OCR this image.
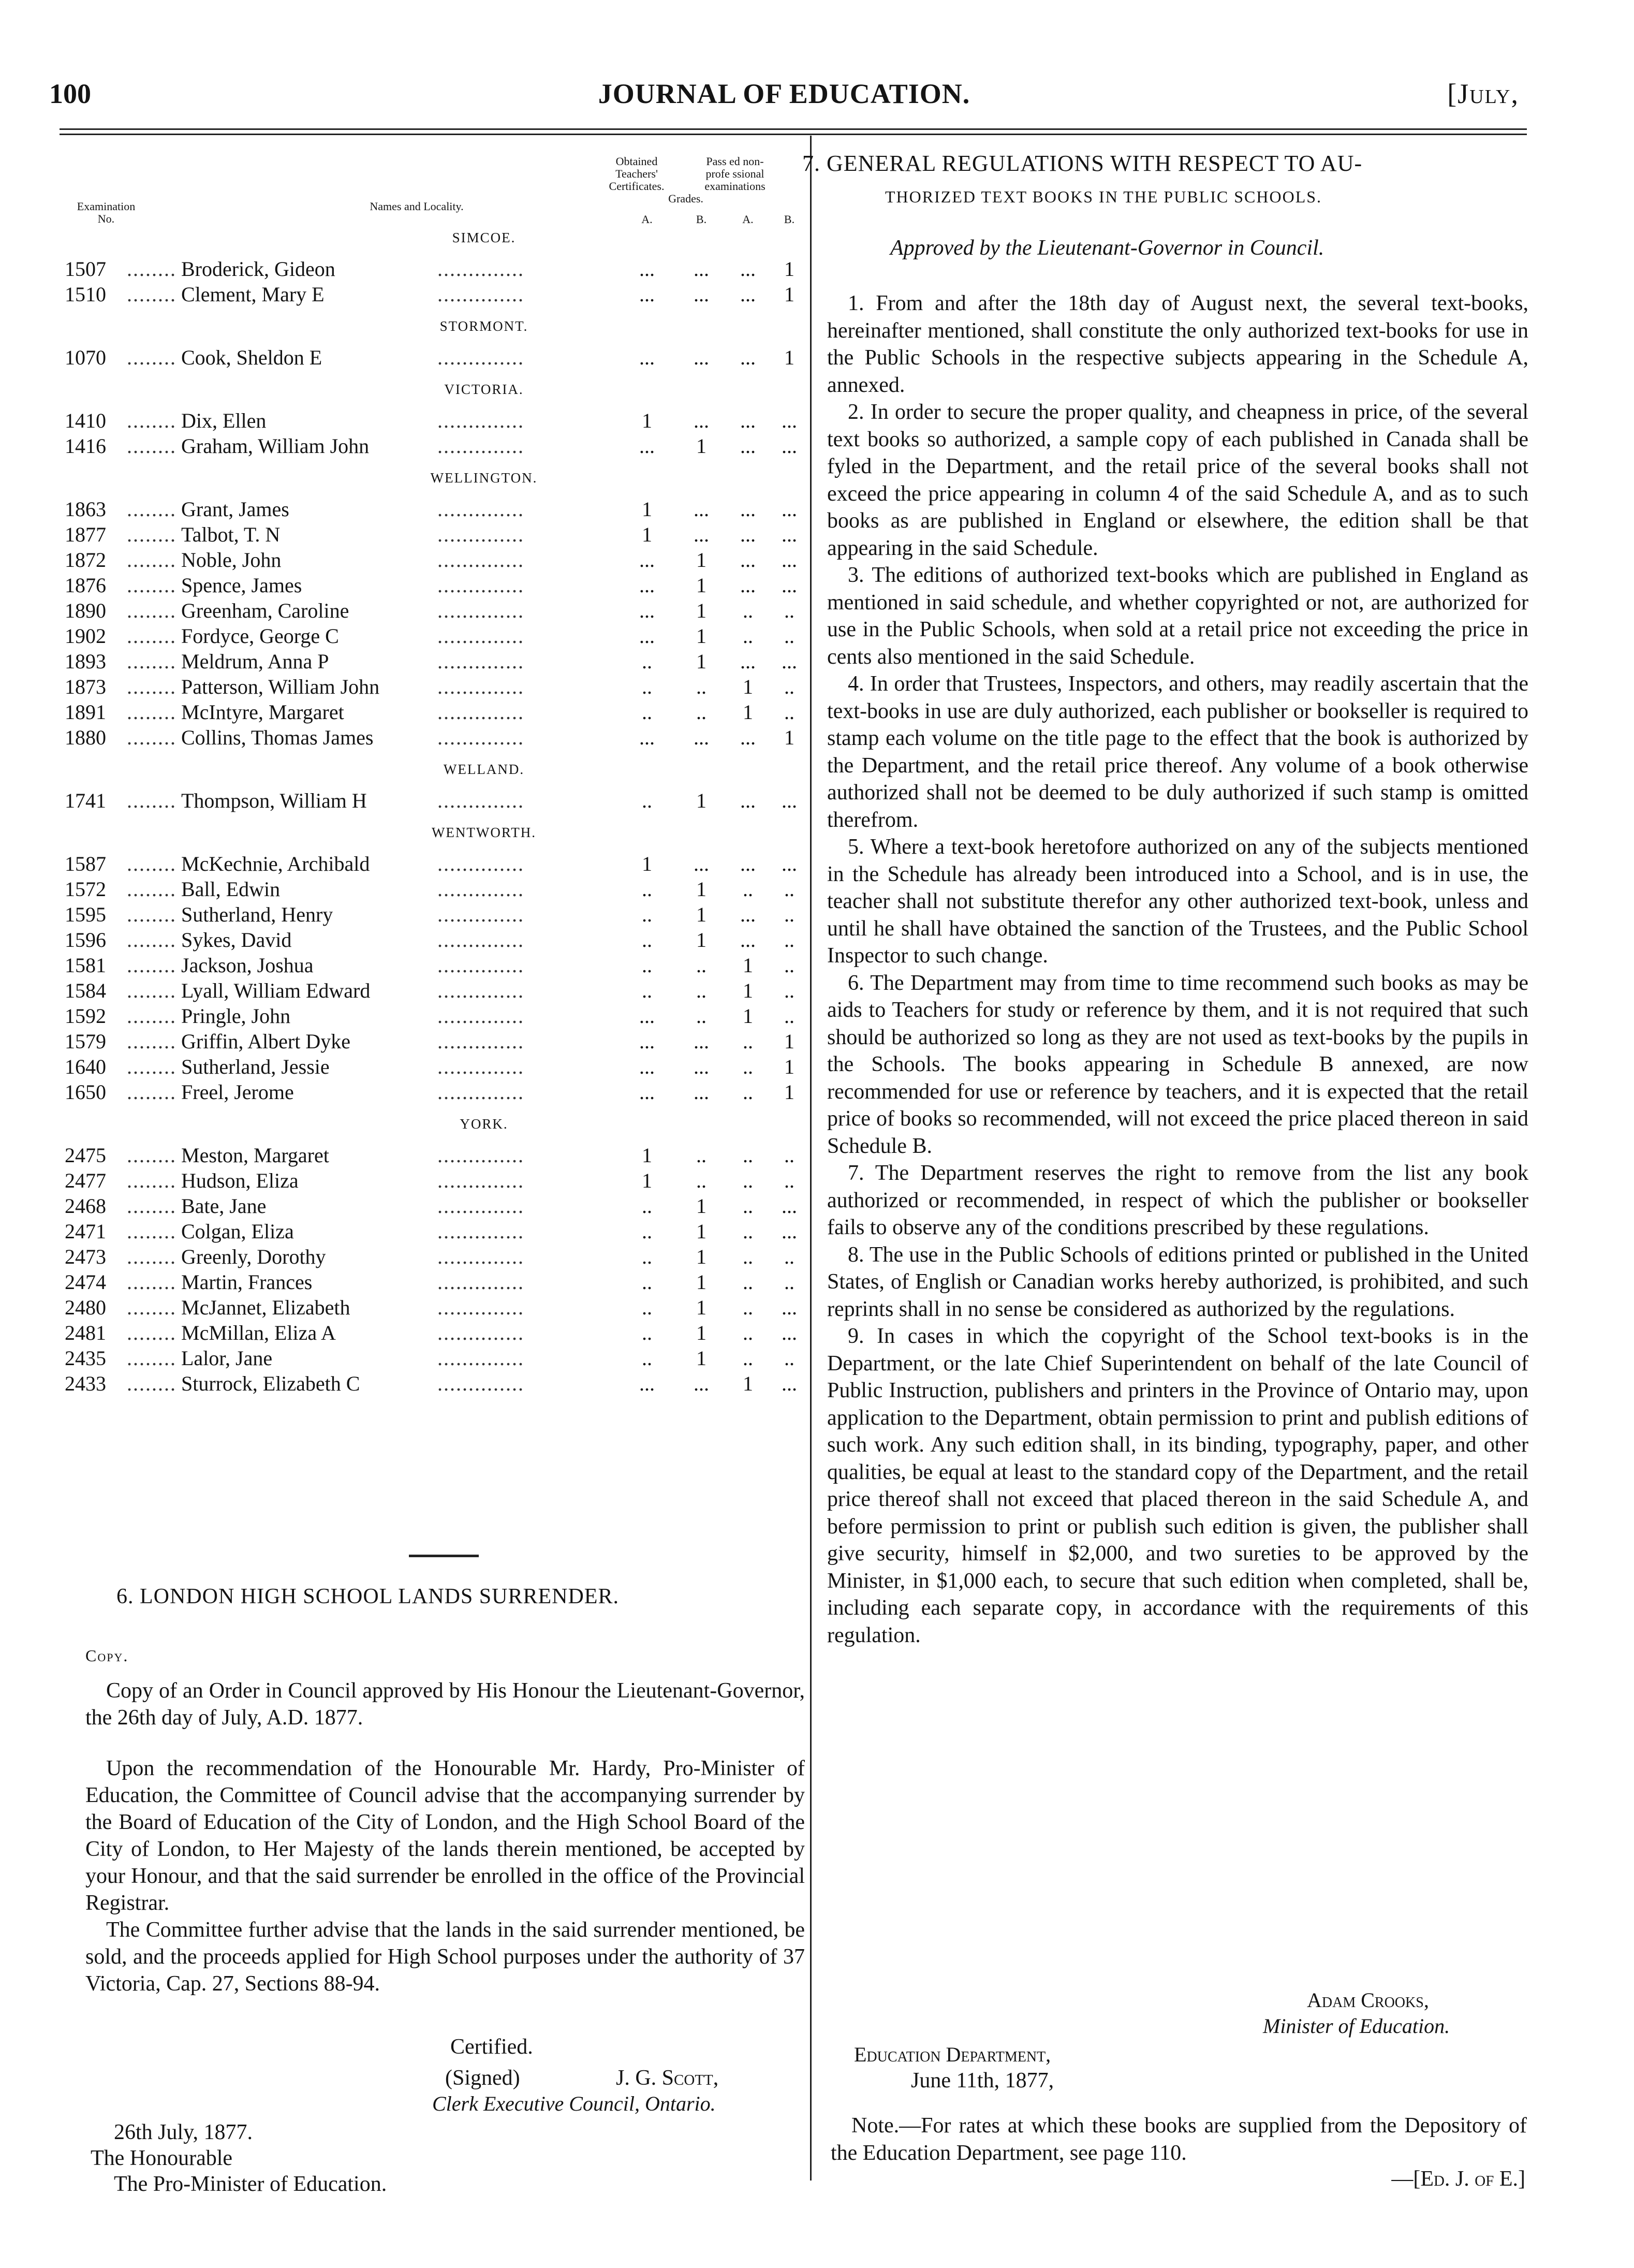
100	JOURNAL OF EDUCATION.	[July,
Examination
No.
Names and Locality.
Obtained
Teachers'
Certificates.
Pass ed non-
profe ssional
examinations
Grades.
A.	B.	A.	B.
SIMCOE.
1507 ........ Broderick, Gideon	..............	... ... ... 1
1510 ........ Clement, Mary E	..............	... ... ... 1
STORMONT.
1070 ........ Cook, Sheldon E	..............	... ... ... 1
VICTORIA.
1410 ........ Dix, Ellen	..............	1 ... ... ...
1416 ........ Graham, William John	..............	... 1 ... ...
WELLINGTON.
1863 ........ Grant, James	..............	1 ... ... ...
1877 ........ Talbot, T. N	..............	1 ... ... ...
1872 ........ Noble, John	..............	... 1 ... ...
1876 ........ Spence, James	..............	... 1 ... ...
1890 ........ Greenham, Caroline	..............	... 1 .. ..
1902 ........ Fordyce, George C	..............	... 1 .. ..
1893 ........ Meldrum, Anna P	..............	.. 1 ... ...
1873 ........ Patterson, William John	..............	.. .. 1 ..
1891 ........ McIntyre, Margaret	..............	.. .. 1 ..
1880 ........ Collins, Thomas James	..............	... ... ... 1
WELLAND.
1741 ........ Thompson, William H	..............	.. 1 ... ...
WENTWORTH.
1587 ........ McKechnie, Archibald	..............	1 ... ... ...
1572 ........ Ball, Edwin	..............	.. 1 .. ..
1595 ........ Sutherland, Henry	..............	.. 1 ... ..
1596 ........ Sykes, David	..............	.. 1 ... ..
1581 ........ Jackson, Joshua	..............	.. .. 1 ..
1584 ........ Lyall, William Edward	..............	.. .. 1 ..
1592 ........ Pringle, John	..............	... .. 1 ..
1579 ........ Griffin, Albert Dyke	..............	... ... .. 1
1640 ........ Sutherland, Jessie	..............	... ... .. 1
1650 ........ Freel, Jerome	..............	... ... .. 1
YORK.
2475 ........ Meston, Margaret	..............	1 .. .. ..
2477 ........ Hudson, Eliza	..............	1 .. .. ..
2468 ........ Bate, Jane	..............	.. 1 .. ...
2471 ........ Colgan, Eliza	..............	.. 1 .. ...
2473 ........ Greenly, Dorothy	..............	.. 1 .. ..
2474 ........ Martin, Frances	..............	.. 1 .. ..
2480 ........ McJannet, Elizabeth	..............	.. 1 .. ...
2481 ........ McMillan, Eliza A	..............	.. 1 .. ...
2435 ........ Lalor, Jane	..............	.. 1 .. ..
2433 ........ Sturrock, Elizabeth C	..............	... ... 1 ...
6. LONDON HIGH SCHOOL LANDS SURRENDER.
Copy.

Copy of an Order in Council approved by His Honour the Lieutenant-Governor, the 26th day of July, A.D. 1877.

Upon the recommendation of the Honourable Mr. Hardy, Pro-Minister of Education, the Committee of Council advise that the accompanying surrender by the Board of Education of the City of London, and the High School Board of the City of London, to Her Majesty of the lands therein mentioned, be accepted by your Honour, and that the said surrender be enrolled in the office of the Provincial Registrar.

The Committee further advise that the lands in the said surrender mentioned, be sold, and the proceeds applied for High School purposes under the authority of 37 Victoria, Cap. 27, Sections 88-94.

Certified.
(Signed)	J. G. Scott,
Clerk Executive Council, Ontario.
26th July, 1877.
The Honourable
The Pro-Minister of Education.
7. GENERAL REGULATIONS WITH RESPECT TO AU-
THORIZED TEXT BOOKS IN THE PUBLIC SCHOOLS.
Approved by the Lieutenant-Governor in Council.

1. From and after the 18th day of August next, the several text-books, hereinafter mentioned, shall constitute the only authorized text-books for use in the Public Schools in the respective subjects appearing in the Schedule A, annexed.

2. In order to secure the proper quality, and cheapness in price, of the several text books so authorized, a sample copy of each published in Canada shall be fyled in the Department, and the retail price of the several books shall not exceed the price appearing in column 4 of the said Schedule A, and as to such books as are published in England or elsewhere, the edition shall be that appearing in the said Schedule.

3. The editions of authorized text-books which are published in England as mentioned in said schedule, and whether copyrighted or not, are authorized for use in the Public Schools, when sold at a retail price not exceeding the price in cents also mentioned in the said Schedule.

4. In order that Trustees, Inspectors, and others, may readily ascertain that the text-books in use are duly authorized, each publisher or bookseller is required to stamp each volume on the title page to the effect that the book is authorized by the Department, and the retail price thereof. Any volume of a book otherwise authorized shall not be deemed to be duly authorized if such stamp is omitted therefrom.

5. Where a text-book heretofore authorized on any of the subjects mentioned in the Schedule has already been introduced into a School, and is in use, the teacher shall not substitute therefor any other authorized text-book, unless and until he shall have obtained the sanction of the Trustees, and the Public School Inspector to such change.

6. The Department may from time to time recommend such books as may be aids to Teachers for study or reference by them, and it is not required that such should be authorized so long as they are not used as text-books by the pupils in the Schools. The books appearing in Schedule B annexed, are now recommended for use or reference by teachers, and it is expected that the retail price of books so recommended, will not exceed the price placed thereon in said Schedule B.

7. The Department reserves the right to remove from the list any book authorized or recommended, in respect of which the publisher or bookseller fails to observe any of the conditions prescribed by these regulations.

8. The use in the Public Schools of editions printed or published in the United States, of English or Canadian works hereby authorized, is prohibited, and such reprints shall in no sense be considered as authorized by the regulations.

9. In cases in which the copyright of the School text-books is in the Department, or the late Chief Superintendent on behalf of the late Council of Public Instruction, publishers and printers in the Province of Ontario may, upon application to the Department, obtain permission to print and publish editions of such work. Any such edition shall, in its binding, typography, paper, and other qualities, be equal at least to the standard copy of the Department, and the retail price thereof shall not exceed that placed thereon in the said Schedule A, and before permission to print or publish such edition is given, the publisher shall give security, himself in $2,000, and two sureties to be approved by the Minister, in $1,000 each, to secure that such edition when completed, shall be, including each separate copy, in accordance with the requirements of this regulation.

Adam Crooks,
Minister of Education.
Education Department,
June 11th, 1877,

Note.—For rates at which these books are supplied from the Depository of the Education Department, see page 110.

—[Ed. J. of E.]
